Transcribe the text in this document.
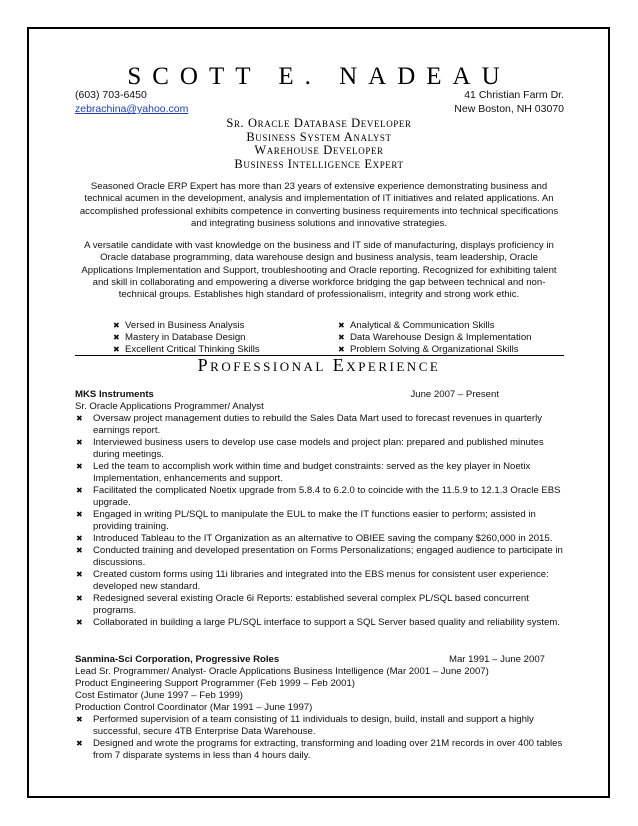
SCOTT E. NADEAU
(603) 703-6450
zebrachina@yahoo.com
41 Christian Farm Dr.
New Boston, NH 03070
Sr. Oracle Database Developer
Business System Analyst
Warehouse Developer
Business Intelligence Expert
Seasoned Oracle ERP Expert has more than 23 years of extensive experience demonstrating business and technical acumen in the development, analysis and implementation of IT initiatives and related applications. An accomplished professional exhibits competence in converting business requirements into technical specifications and integrating business solutions and innovative strategies.
A versatile candidate with vast knowledge on the business and IT side of manufacturing, displays proficiency in Oracle database programming, data warehouse design and business analysis, team leadership, Oracle Applications Implementation and Support, troubleshooting and Oracle reporting. Recognized for exhibiting talent and skill in collaborating and empowering a diverse workforce bridging the gap between technical and non-technical groups. Establishes high standard of professionalism, integrity and strong work ethic.
✖ Versed in Business Analysis
✖ Mastery in Database Design
✖ Excellent Critical Thinking Skills
✖ Analytical & Communication Skills
✖ Data Warehouse Design & Implementation
✖ Problem Solving & Organizational Skills
Professional Experience
MKS Instruments	June 2007 – Present
Sr. Oracle Applications Programmer/ Analyst
✖ Oversaw project management duties to rebuild the Sales Data Mart used to forecast revenues in quarterly earnings report.
✖ Interviewed business users to develop use case models and project plan: prepared and published minutes during meetings.
✖ Led the team to accomplish work within time and budget constraints: served as the key player in Noetix Implementation, enhancements and support.
✖ Facilitated the complicated Noetix upgrade from 5.8.4 to 6.2.0 to coincide with the 11.5.9 to 12.1.3 Oracle EBS upgrade.
✖ Engaged in writing PL/SQL to manipulate the EUL to make the IT functions easier to perform; assisted in providing training.
✖ Introduced Tableau to the IT Organization as an alternative to OBIEE saving the company $260,000 in 2015.
✖ Conducted training and developed presentation on Forms Personalizations; engaged audience to participate in discussions.
✖ Created custom forms using 11i libraries and integrated into the EBS menus for consistent user experience: developed new standard.
✖ Redesigned several existing Oracle 6i Reports: established several complex PL/SQL based concurrent programs.
✖ Collaborated in building a large PL/SQL interface to support a SQL Server based quality and reliability system.
Sanmina-Sci Corporation, Progressive Roles	Mar 1991 – June 2007
Lead Sr. Programmer/ Analyst- Oracle Applications Business Intelligence (Mar 2001 – June 2007)
Product Engineering Support Programmer (Feb 1999 – Feb 2001)
Cost Estimator (June 1997 – Feb 1999)
Production Control Coordinator (Mar 1991 – June 1997)
✖ Performed supervision of a team consisting of 11 individuals to design, build, install and support a highly successful, secure 4TB Enterprise Data Warehouse.
✖ Designed and wrote the programs for extracting, transforming and loading over 21M records in over 400 tables from 7 disparate systems in less than 4 hours daily.
